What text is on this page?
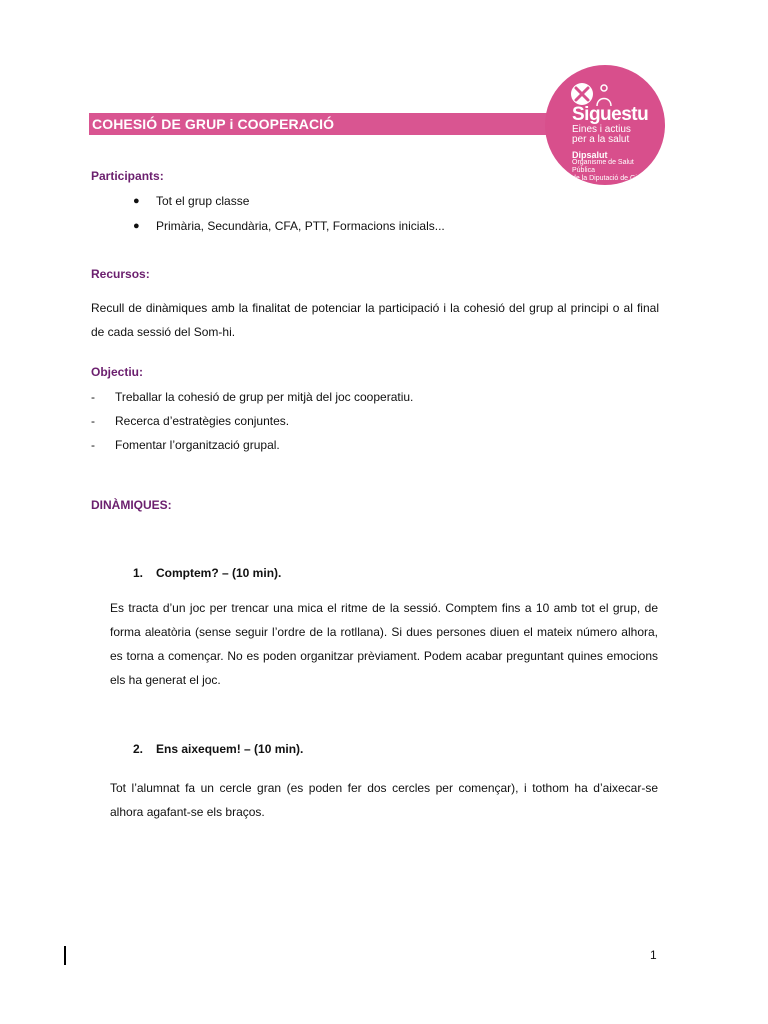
COHESIÓ DE GRUP i COOPERACIÓ	Siguestu
Eines i actius
per a la salut
Dipsalut
Organisme de Salut Pública
de la Diputació de Girona
Participants:
● Tot el grup classe
● Primària, Secundària, CFA, PTT, Formacions inicials...
Recursos:
Recull de dinàmiques amb la finalitat de potenciar la participació i la cohesió del grup al principi o al final de cada sessió del Som-hi.
Objectiu:
- Treballar la cohesió de grup per mitjà del joc cooperatiu.
- Recerca d’estratègies conjuntes.
- Fomentar l’organització grupal.
DINÀMIQUES:
1. Comptem? – (10 min).
Es tracta d’un joc per trencar una mica el ritme de la sessió. Comptem fins a 10 amb tot el grup, de forma aleatòria (sense seguir l’ordre de la rotllana). Si dues persones diuen el mateix número alhora, es torna a començar. No es poden organitzar prèviament. Podem acabar preguntant quines emocions els ha generat el joc.
2. Ens aixequem! – (10 min).
Tot l’alumnat fa un cercle gran (es poden fer dos cercles per començar), i tothom ha d’aixecar-se alhora agafant-se els braços.
1
